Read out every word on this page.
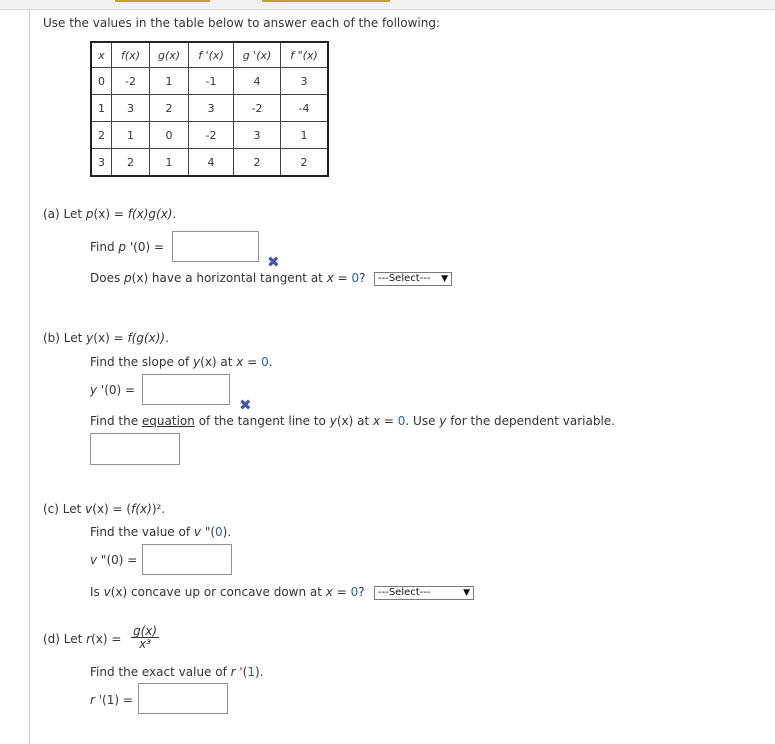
Use the values in the table below to answer each of the following:
x	f(x)	g(x)	f '(x)	g '(x)	f "(x)
0	-2	1	-1	4	3
1	3	2	3	-2	-4
2	1	0	-2	3	1
3	2	1	4	2	2
(a) Let p(x) = f(x)g(x).
Find p '(0) =
✖
Does p(x) have a horizontal tangent at x = 0?	---Select--- ▼
(b) Let y(x) = f(g(x)).
Find the slope of y(x) at x = 0.
y '(0) =
✖
Find the equation of the tangent line to y(x) at x = 0. Use y for the dependent variable.
(c) Let v(x) = (f(x))².
Find the value of v "(0).
v "(0) =
Is v(x) concave up or concave down at x = 0?	---Select---	▼
(d) Let $r(x) = \frac{g(x)}{\text{x³}}$
Find the exact value of r '(1).
r '(1) =
